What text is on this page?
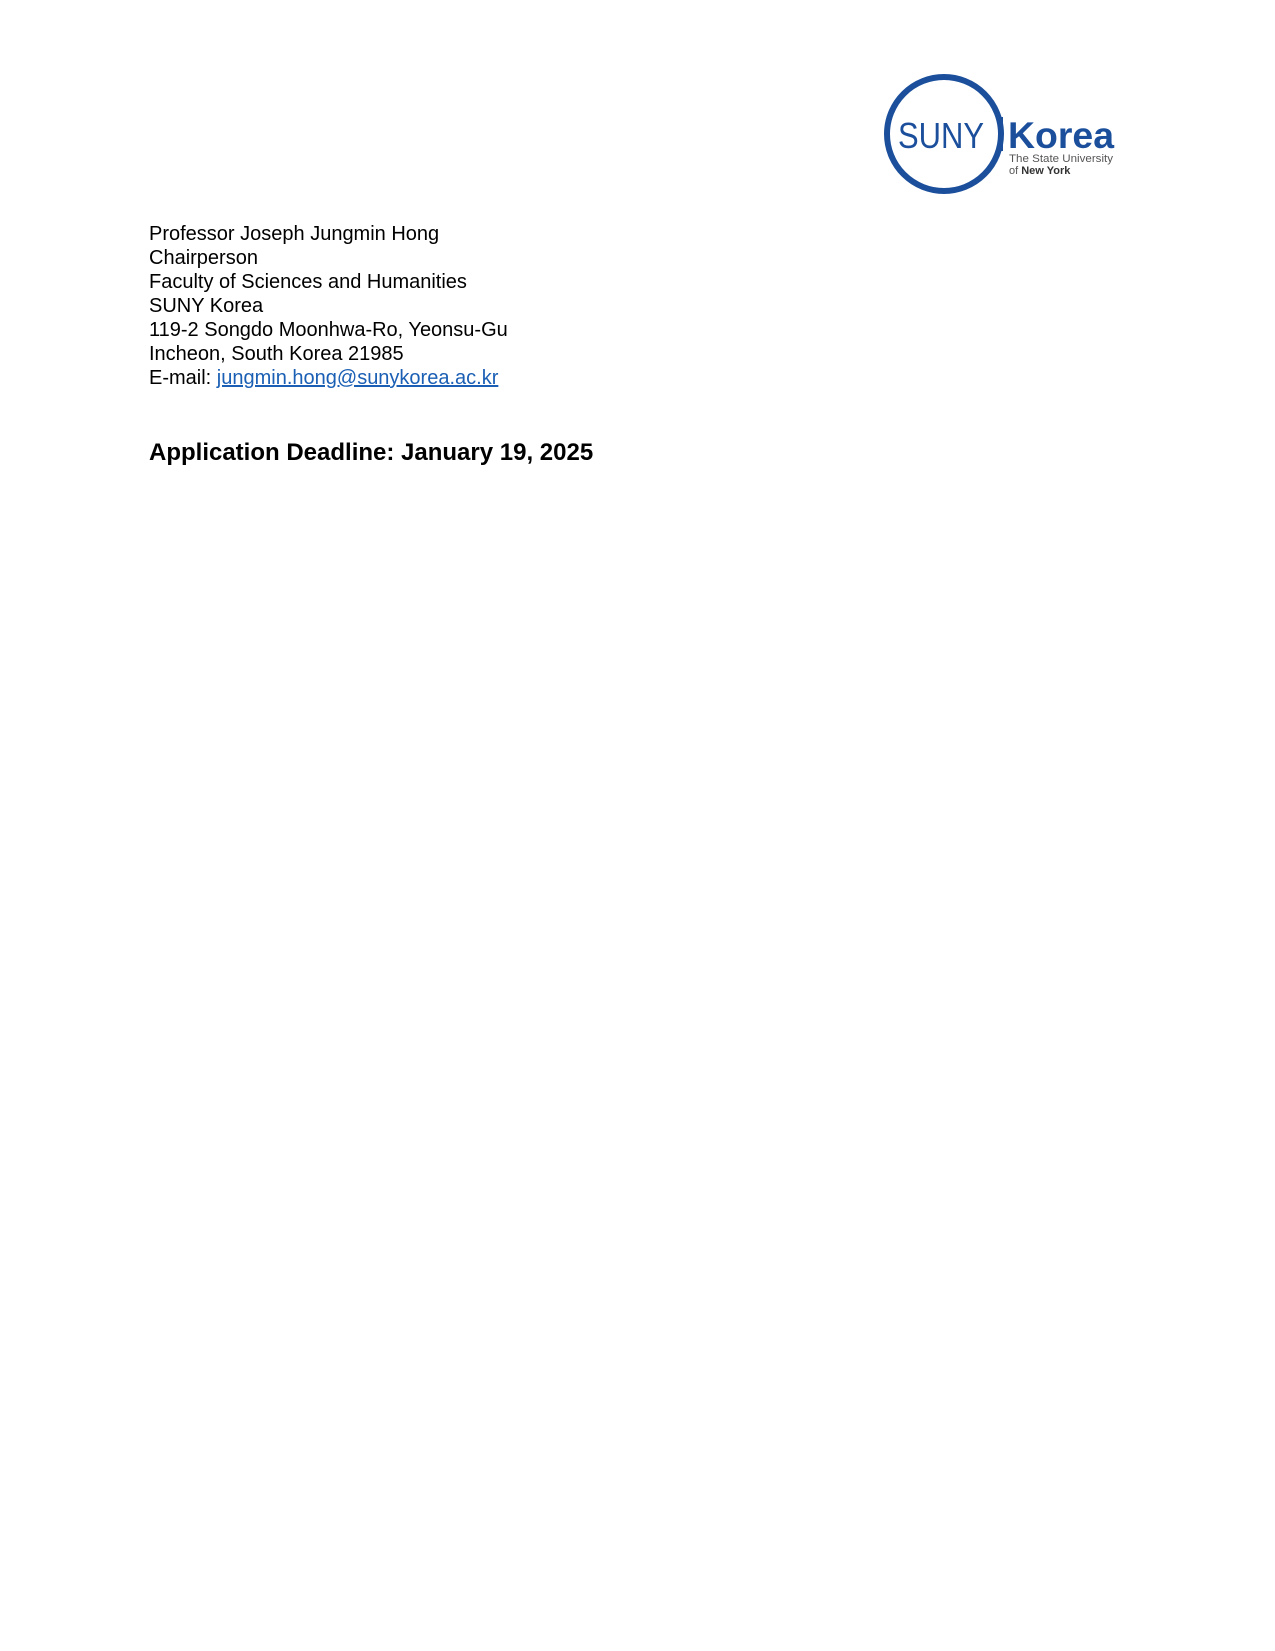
SUNY Korea
The State University
of New York
Professor Joseph Jungmin Hong
Chairperson
Faculty of Sciences and Humanities
SUNY Korea
119-2 Songdo Moonhwa-Ro, Yeonsu-Gu
Incheon, South Korea 21985
E-mail: jungmin.hong@sunykorea.ac.kr
Application Deadline: January 19, 2025
